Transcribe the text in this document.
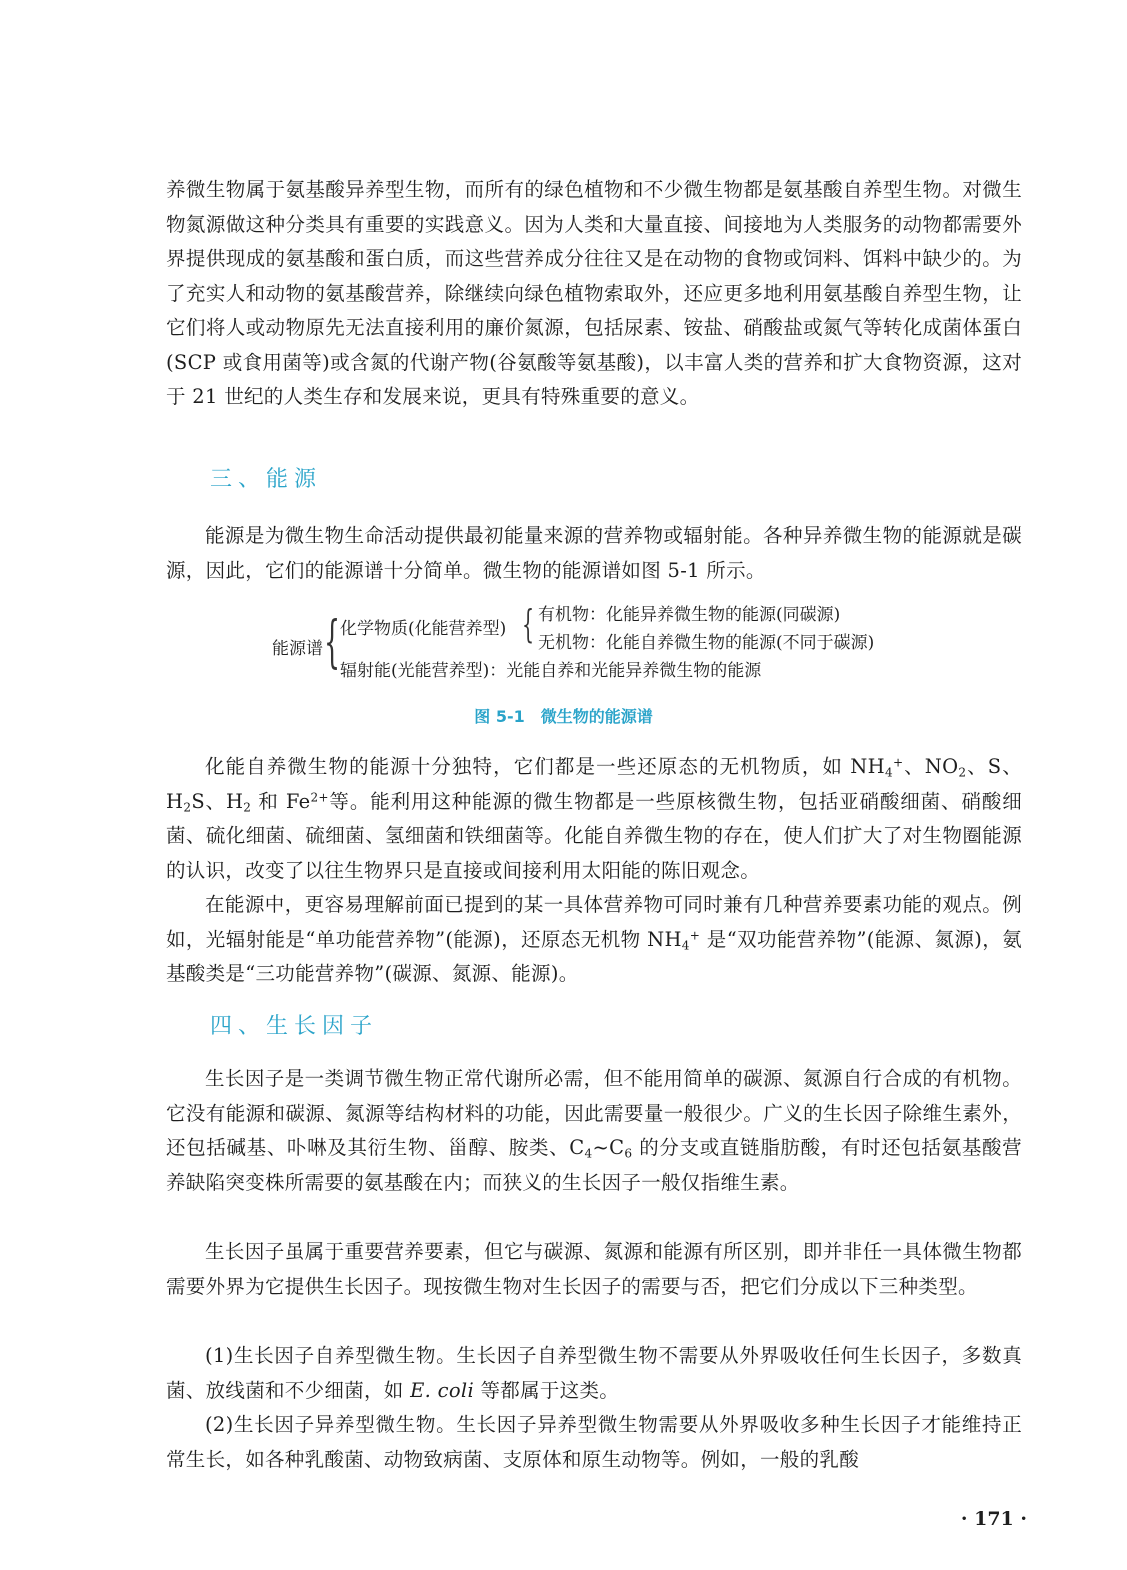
养微生物属于氨基酸异养型生物，而所有的绿色植物和不少微生物都是氨基酸自养型生物。对微生物氮源做这种分类具有重要的实践意义。因为人类和大量直接、间接地为人类服务的动物都需要外界提供现成的氨基酸和蛋白质，而这些营养成分往往又是在动物的食物或饲料、饵料中缺少的。为了充实人和动物的氨基酸营养，除继续向绿色植物索取外，还应更多地利用氨基酸自养型生物，让它们将人或动物原先无法直接利用的廉价氮源，包括尿素、铵盐、硝酸盐或氮气等转化成菌体蛋白(SCP 或食用菌等)或含氮的代谢产物(谷氨酸等氨基酸)，以丰富人类的营养和扩大食物资源，这对于 21 世纪的人类生存和发展来说，更具有特殊重要的意义。

三、能源

能源是为微生物生命活动提供最初能量来源的营养物或辐射能。各种异养微生物的能源就是碳源，因此，它们的能源谱十分简单。微生物的能源谱如图 5-1 所示。

能源谱 { 化学物质(化能营养型) { 有机物：化能异养微生物的能源(同碳源)
无机物：化能自养微生物的能源(不同于碳源)
辐射能(光能营养型)：光能自养和光能异养微生物的能源
图 5-1　微生物的能源谱

化能自养微生物的能源十分独特，它们都是一些还原态的无机物质，如 $NH_4^+$、$NO_2$、S、$H_2S$、$H_2$ 和 $Fe^{2+}$等。能利用这种能源的微生物都是一些原核微生物，包括亚硝酸细菌、硝酸细菌、硫化细菌、硫细菌、氢细菌和铁细菌等。化能自养微生物的存在，使人们扩大了对生物圈能源的认识，改变了以往生物界只是直接或间接利用太阳能的陈旧观念。

在能源中，更容易理解前面已提到的某一具体营养物可同时兼有几种营养要素功能的观点。例如，光辐射能是“单功能营养物”(能源)，还原态无机物 $NH_4^+$ 是“双功能营养物”(能源、氮源)，氨基酸类是“三功能营养物”(碳源、氮源、能源)。

四、生长因子

生长因子是一类调节微生物正常代谢所必需，但不能用简单的碳源、氮源自行合成的有机物。它没有能源和碳源、氮源等结构材料的功能，因此需要量一般很少。广义的生长因子除维生素外，还包括碱基、卟啉及其衍生物、甾醇、胺类、$C_4\sim C_6$ 的分支或直链脂肪酸，有时还包括氨基酸营养缺陷突变株所需要的氨基酸在内；而狭义的生长因子一般仅指维生素。

生长因子虽属于重要营养要素，但它与碳源、氮源和能源有所区别，即并非任一具体微生物都需要外界为它提供生长因子。现按微生物对生长因子的需要与否，把它们分成以下三种类型。

(1)生长因子自养型微生物。生长因子自养型微生物不需要从外界吸收任何生长因子，多数真菌、放线菌和不少细菌，如 E. coli 等都属于这类。

(2)生长因子异养型微生物。生长因子异养型微生物需要从外界吸收多种生长因子才能维持正常生长，如各种乳酸菌、动物致病菌、支原体和原生动物等。例如，一般的乳酸

· 171 ·
